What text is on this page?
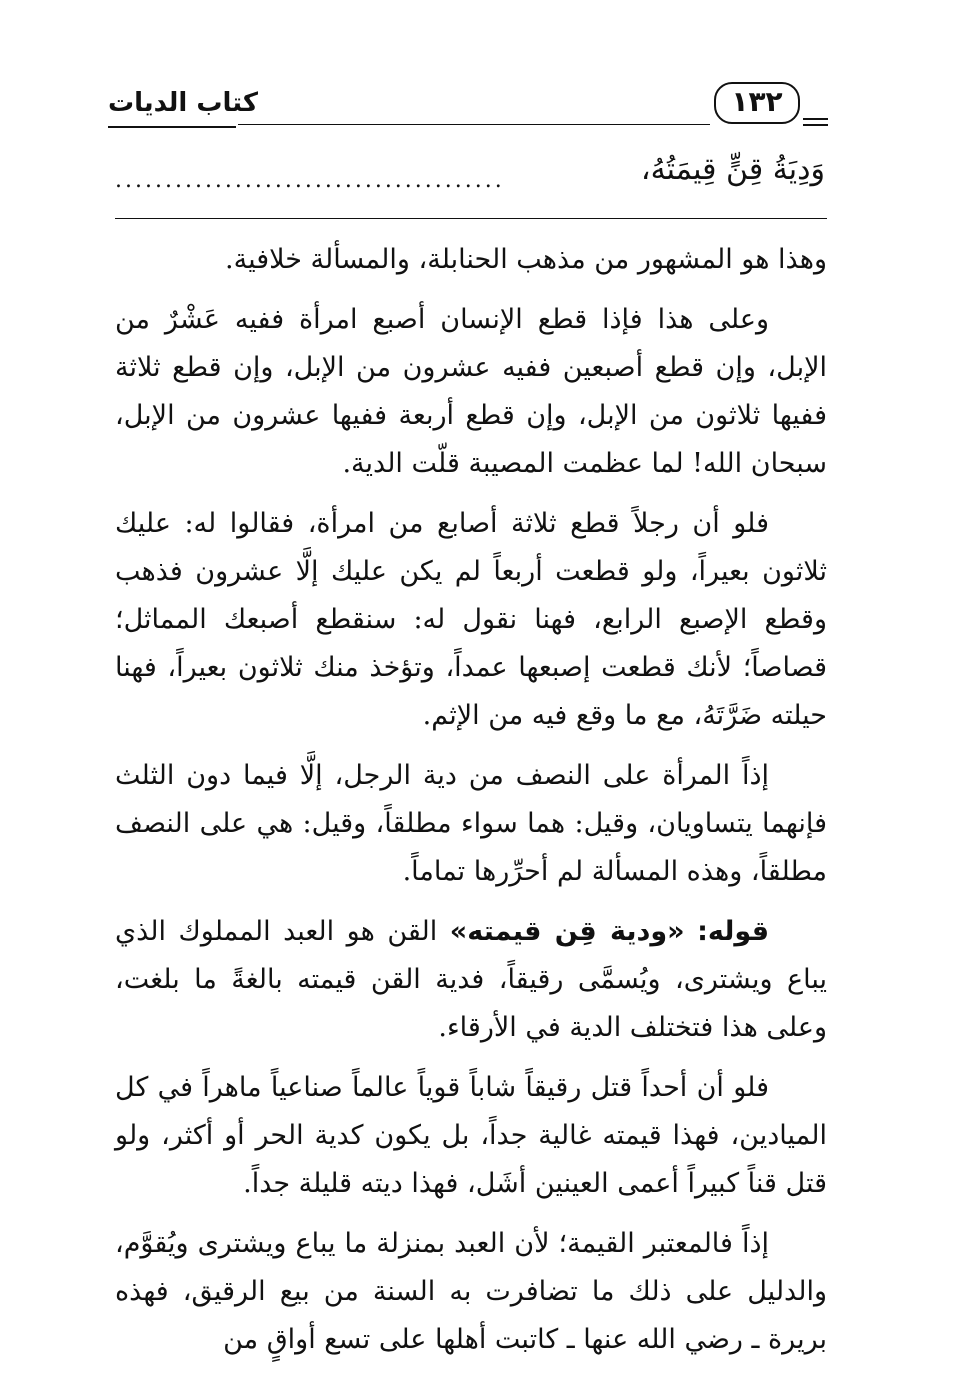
كتاب الديات	١٣٢
وَدِيَةُ قِنٍّ قِيمَتُهُ،
.......................................

وهذا هو المشهور من مذهب الحنابلة، والمسألة خلافية.

وعلى هذا فإذا قطع الإنسان أصبع امرأة ففيه عَشْرٌ من الإبل، وإن قطع أصبعين ففيه عشرون من الإبل، وإن قطع ثلاثة ففيها ثلاثون من الإبل، وإن قطع أربعة ففيها عشرون من الإبل، سبحان الله! لما عظمت المصيبة قلّت الدية.

فلو أن رجلاً قطع ثلاثة أصابع من امرأة، فقالوا له: عليك ثلاثون بعيراً، ولو قطعت أربعاً لم يكن عليك إلَّا عشرون فذهب وقطع الإصبع الرابع، فهنا نقول له: سنقطع أصبعك المماثل؛ قصاصاً؛ لأنك قطعت إصبعها عمداً، وتؤخذ منك ثلاثون بعيراً، فهنا حيلته ضَرَّتَهُ، مع ما وقع فيه من الإثم.

إذاً المرأة على النصف من دية الرجل، إلَّا فيما دون الثلث فإنهما يتساويان، وقيل: هما سواء مطلقاً، وقيل: هي على النصف مطلقاً، وهذه المسألة لم أحرِّرها تماماً.

قوله: «ودية قِن قيمته» القن هو العبد المملوك الذي يباع ويشترى، ويُسمَّى رقيقاً، فدية القن قيمته بالغةً ما بلغت، وعلى هذا فتختلف الدية في الأرقاء.

فلو أن أحداً قتل رقيقاً شاباً قوياً عالماً صناعياً ماهراً في كل الميادين، فهذا قيمته غالية جداً، بل يكون كدية الحر أو أكثر، ولو قتل قناً كبيراً أعمى العينين أشَل، فهذا ديته قليلة جداً.

إذاً فالمعتبر القيمة؛ لأن العبد بمنزلة ما يباع ويشترى ويُقوَّم، والدليل على ذلك ما تضافرت به السنة من بيع الرقيق، فهذه بريرة ـ رضي الله عنها ـ كاتبت أهلها على تسع أواقٍ من
